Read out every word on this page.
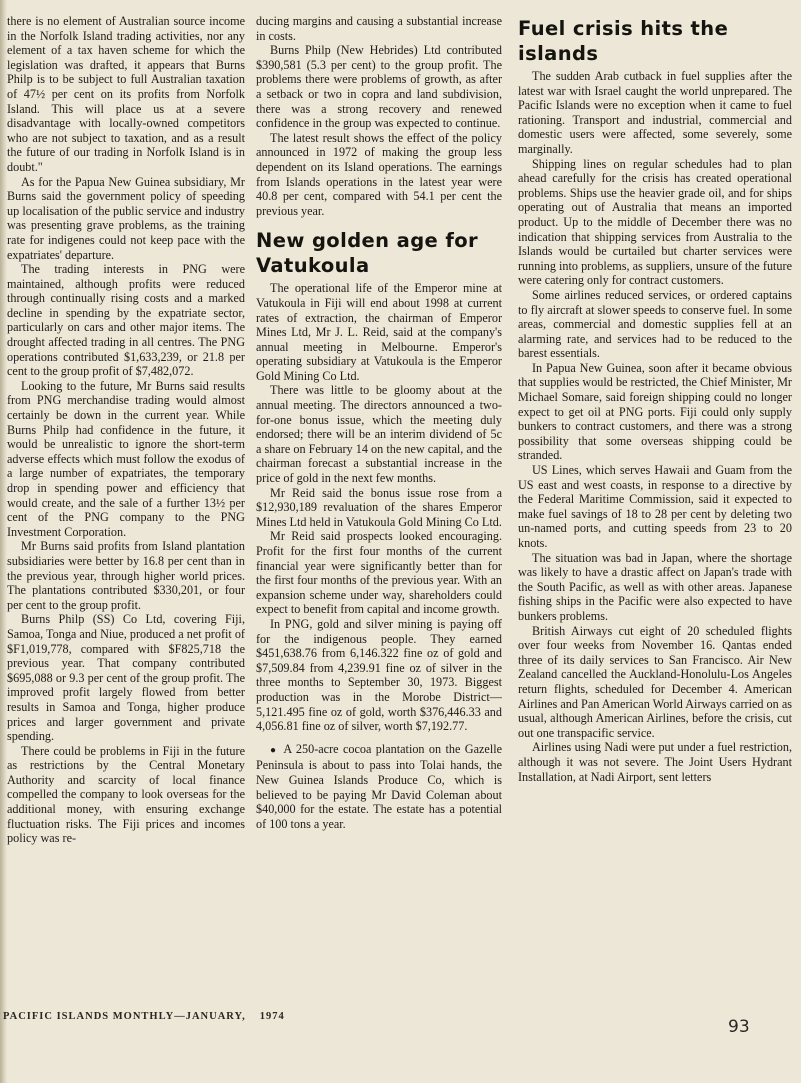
there is no element of Australian source income in the Norfolk Island trading activities, nor any element of a tax haven scheme for which the legislation was drafted, it appears that Burns Philp is to be subject to full Australian taxation of 47½ per cent on its profits from Norfolk Island. This will place us at a severe disadvantage with locally-owned competitors who are not subject to taxation, and as a result the future of our trading in Norfolk Island is in doubt."

As for the Papua New Guinea subsidiary, Mr Burns said the government policy of speeding up localisation of the public service and industry was presenting grave problems, as the training rate for indigenes could not keep pace with the expatriates' departure.

The trading interests in PNG were maintained, although profits were reduced through continually rising costs and a marked decline in spending by the expatriate sector, particularly on cars and other major items. The drought affected trading in all centres. The PNG operations contributed $1,633,239, or 21.8 per cent to the group profit of $7,482,072.

Looking to the future, Mr Burns said results from PNG merchandise trading would almost certainly be down in the current year. While Burns Philp had confidence in the future, it would be unrealistic to ignore the short-term adverse effects which must follow the exodus of a large number of expatriates, the temporary drop in spending power and efficiency that would create, and the sale of a further 13½ per cent of the PNG company to the PNG Investment Corporation.

Mr Burns said profits from Island plantation subsidiaries were better by 16.8 per cent than in the previous year, through higher world prices. The plantations contributed $330,201, or four per cent to the group profit.

Burns Philp (SS) Co Ltd, covering Fiji, Samoa, Tonga and Niue, produced a net profit of $F1,019,778, compared with $F825,718 the previous year. That company contributed $695,088 or 9.3 per cent of the group profit. The improved profit largely flowed from better results in Samoa and Tonga, higher produce prices and larger government and private spending.

There could be problems in Fiji in the future as restrictions by the Central Monetary Authority and scarcity of local finance compelled the company to look overseas for the additional money, with ensuring exchange fluctuation risks. The Fiji prices and incomes policy was re-

ducing margins and causing a substantial increase in costs.

Burns Philp (New Hebrides) Ltd contributed $390,581 (5.3 per cent) to the group profit. The problems there were problems of growth, as after a setback or two in copra and land subdivision, there was a strong recovery and renewed confidence in the group was expected to continue.

The latest result shows the effect of the policy announced in 1972 of making the group less dependent on its Island operations. The earnings from Islands operations in the latest year were 40.8 per cent, compared with 54.1 per cent the previous year.

New golden age for Vatukoula

The operational life of the Emperor mine at Vatukoula in Fiji will end about 1998 at current rates of extraction, the chairman of Emperor Mines Ltd, Mr J. L. Reid, said at the company's annual meeting in Melbourne. Emperor's operating subsidiary at Vatukoula is the Emperor Gold Mining Co Ltd.

There was little to be gloomy about at the annual meeting. The directors announced a two-for-one bonus issue, which the meeting duly endorsed; there will be an interim dividend of 5c a share on February 14 on the new capital, and the chairman forecast a substantial increase in the price of gold in the next few months.

Mr Reid said the bonus issue rose from a $12,930,189 revaluation of the shares Emperor Mines Ltd held in Vatukoula Gold Mining Co Ltd.

Mr Reid said prospects looked encouraging. Profit for the first four months of the current financial year were significantly better than for the first four months of the previous year. With an expansion scheme under way, shareholders could expect to benefit from capital and income growth.

In PNG, gold and silver mining is paying off for the indigenous people. They earned $451,638.76 from 6,146.322 fine oz of gold and $7,509.84 from 4,239.91 fine oz of silver in the three months to September 30, 1973. Biggest production was in the Morobe District—5,121.495 fine oz of gold, worth $376,446.33 and 4,056.81 fine oz of silver, worth $7,192.77.

● A 250-acre cocoa plantation on the Gazelle Peninsula is about to pass into Tolai hands, the New Guinea Islands Produce Co, which is believed to be paying Mr David Coleman about $40,000 for the estate. The estate has a potential of 100 tons a year.

Fuel crisis hits the islands

The sudden Arab cutback in fuel supplies after the latest war with Israel caught the world unprepared. The Pacific Islands were no exception when it came to fuel rationing. Transport and industrial, commercial and domestic users were affected, some severely, some marginally.

Shipping lines on regular schedules had to plan ahead carefully for the crisis has created operational problems. Ships use the heavier grade oil, and for ships operating out of Australia that means an imported product. Up to the middle of December there was no indication that shipping services from Australia to the Islands would be curtailed but charter services were running into problems, as suppliers, unsure of the future were catering only for contract customers.

Some airlines reduced services, or ordered captains to fly aircraft at slower speeds to conserve fuel. In some areas, commercial and domestic supplies fell at an alarming rate, and services had to be reduced to the barest essentials.

In Papua New Guinea, soon after it became obvious that supplies would be restricted, the Chief Minister, Mr Michael Somare, said foreign shipping could no longer expect to get oil at PNG ports. Fiji could only supply bunkers to contract customers, and there was a strong possibility that some overseas shipping could be stranded.

US Lines, which serves Hawaii and Guam from the US east and west coasts, in response to a directive by the Federal Maritime Commission, said it expected to make fuel savings of 18 to 28 per cent by deleting two un-named ports, and cutting speeds from 23 to 20 knots.

The situation was bad in Japan, where the shortage was likely to have a drastic affect on Japan's trade with the South Pacific, as well as with other areas. Japanese fishing ships in the Pacific were also expected to have bunkers problems.

British Airways cut eight of 20 scheduled flights over four weeks from November 16. Qantas ended three of its daily services to San Francisco. Air New Zealand cancelled the Auckland-Honolulu-Los Angeles return flights, scheduled for December 4. American Airlines and Pan American World Airways carried on as usual, although American Airlines, before the crisis, cut out one transpacific service.

Airlines using Nadi were put under a fuel restriction, although it was not severe. The Joint Users Hydrant Installation, at Nadi Airport, sent letters

PACIFIC ISLANDS MONTHLY—JANUARY, 1974
93
